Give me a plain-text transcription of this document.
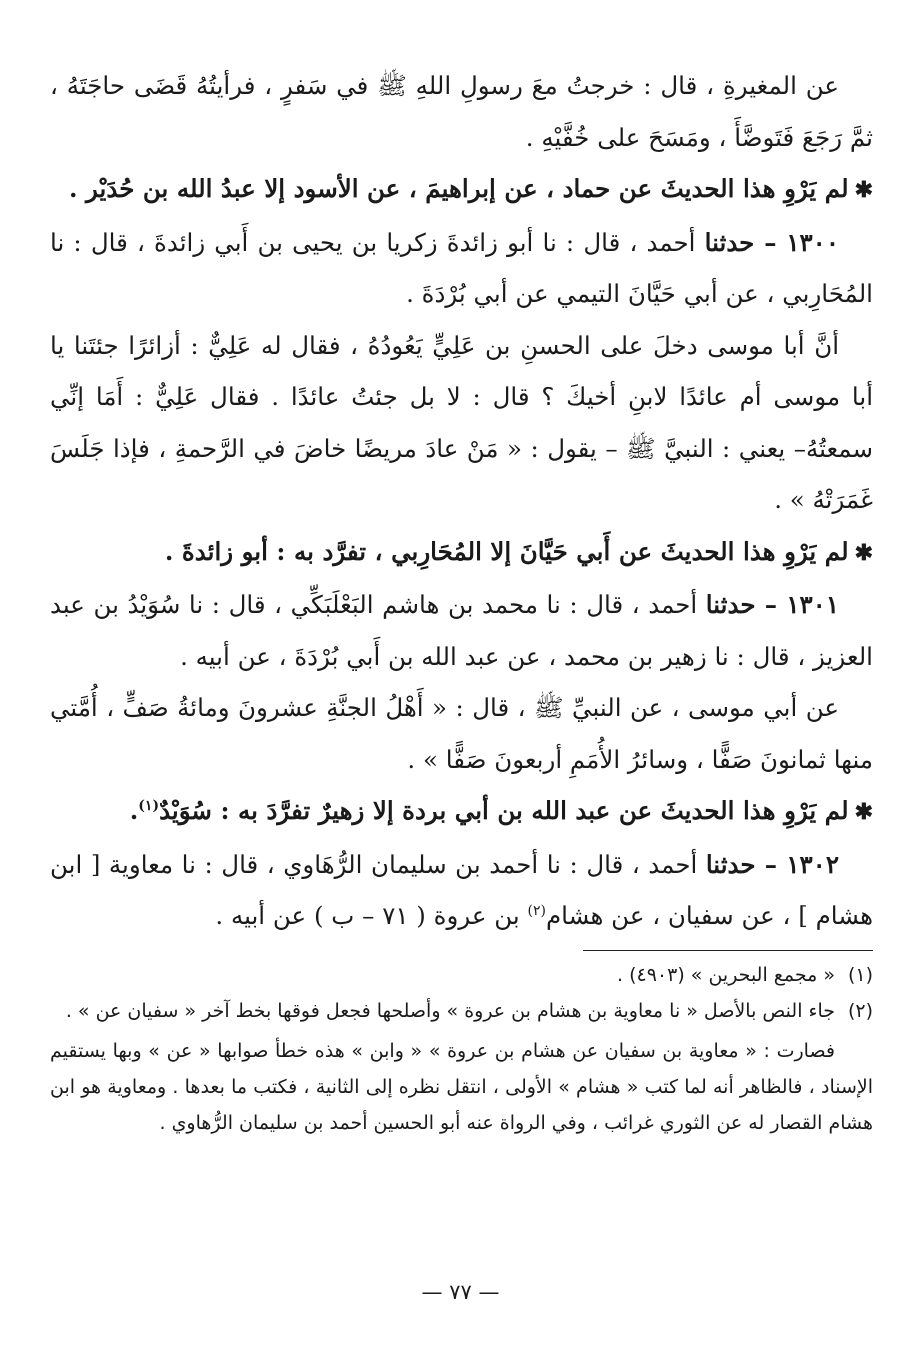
عن المغيرةِ ، قال : خرجتُ معَ رسولِ اللهِ ﷺ في سَفرٍ ، فرأيتُهُ قَضَى حاجَتَهُ ، ثمَّ رَجَعَ فَتَوضَّأَ ، ومَسَحَ على خُفَّيْهِ .

✱لم يَرْوِ هذا الحديثَ عن حماد ، عن إبراهيمَ ، عن الأسود إلا عبدُ الله بن حُدَيْر .

١٣٠٠ – حدثنا أحمد ، قال : نا أبو زائدةَ زكريا بن يحيى بن أَبي زائدةَ ، قال : نا المُحَارِبي ، عن أبي حَيَّانَ التيمي عن أبي بُرْدَةَ .

أنَّ أبا موسى دخلَ على الحسنِ بن عَلِيٍّ يَعُودُهُ ، فقال له عَلِيٌّ : أزائرًا جئتَنا يا أبا موسى أم عائدًا لابنِ أخيكَ ؟ قال : لا بل جئتُ عائدًا . فقال عَلِيٌّ : أَمَا إنِّي سمعتُهُ– يعني : النبيَّ ﷺ – يقول : « مَنْ عادَ مريضًا خاضَ في الرَّحمةِ ، فإذا جَلَسَ غَمَرَتْهُ » .

✱لم يَرْوِ هذا الحديثَ عن أَبي حَيَّانَ إلا المُحَارِبي ، تفرَّد به : أبو زائدةَ .

١٣٠١ – حدثنا أحمد ، قال : نا محمد بن هاشم البَعْلَبَكِّي ، قال : نا سُوَيْدُ بن عبد العزيز ، قال : نا زهير بن محمد ، عن عبد الله بن أَبي بُرْدَةَ ، عن أبيه .

عن أبي موسى ، عن النبيِّ ﷺ ، قال : « أَهْلُ الجنَّةِ عشرونَ ومائةُ صَفٍّ ، أُمَّتي منها ثمانونَ صَفًّا ، وسائرُ الأُمَمِ أربعونَ صَفًّا » .

✱لم يَرْوِ هذا الحديثَ عن عبد الله بن أبي بردة إلا زهيرٌ تفرَّدَ به : سُوَيْدٌ$^{(١)}$.

١٣٠٢ – حدثنا أحمد ، قال : نا أحمد بن سليمان الرُّهَاوي ، قال : نا معاوية [ ابن هشام ] ، عن سفيان ، عن هشام$^{(٢)}$ بن عروة ( ٧١ – ب ) عن أبيه .

(١)
« مجمع البحرين » (٤٩٠٣) .
(٢)
جاء النص بالأصل « نا معاوية بن هشام بن عروة » وأصلحها فجعل فوقها بخط آخر « سفيان عن » .

فصارت : « معاوية بن سفيان عن هشام بن عروة » « وابن » هذه خطأ صوابها « عن » وبها يستقيم الإسناد ، فالظاهر أنه لما كتب « هشام » الأولى ، انتقل نظره إلى الثانية ، فكتب ما بعدها . ومعاوية هو ابن هشام القصار له عن الثوري غرائب ، وفي الرواة عنه أبو الحسين أحمد بن سليمان الرُّهاوي .

— ٧٧ —
